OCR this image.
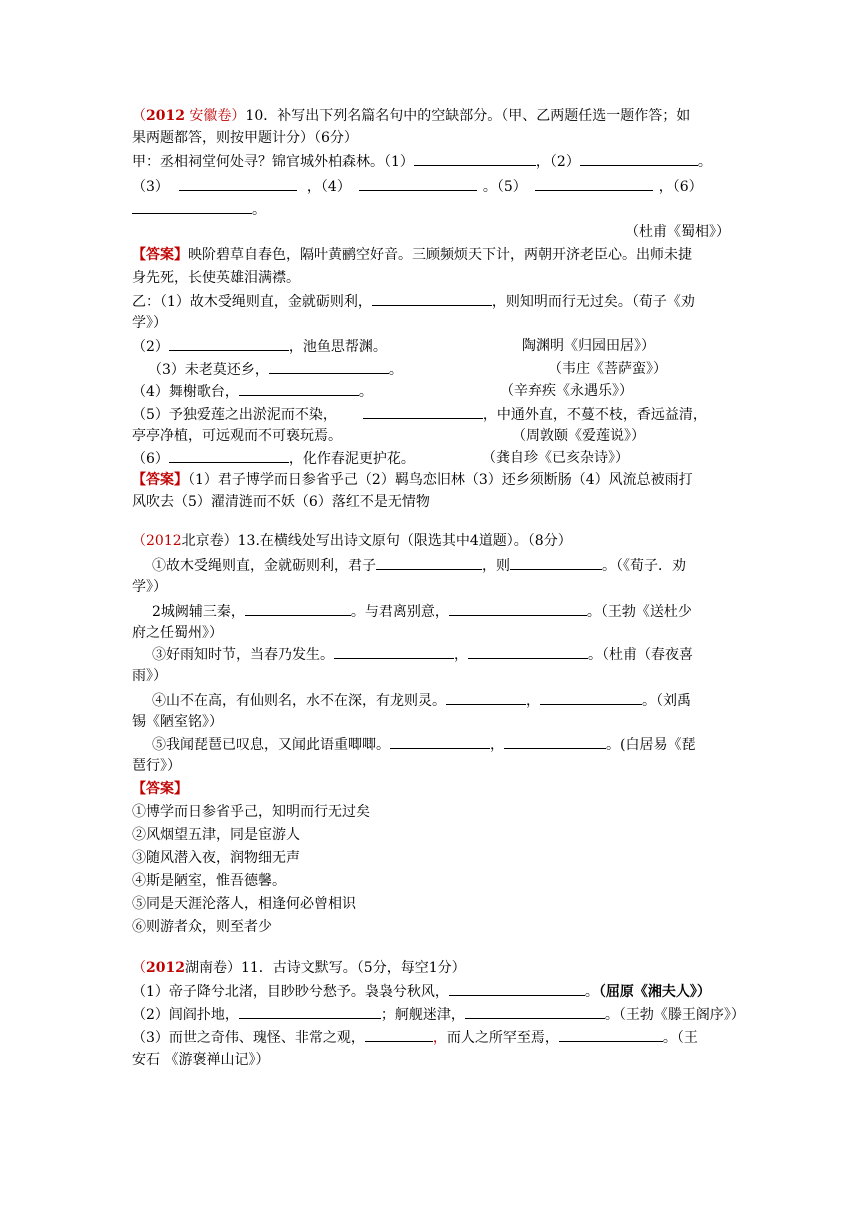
（2012 安徽卷）10．补写出下列名篇名句中的空缺部分。（甲、乙两题任选一题作答；如
果两题都答，则按甲题计分）（6分）
甲：丞相祠堂何处寻？锦官城外柏森林。（1）	，（2）	。
（3）	，（4）	。（5）	，（6）
。
（杜甫《蜀相》）
【答案】映阶碧草自春色，隔叶黄鹂空好音。三顾频烦天下计，两朝开济老臣心。出师未捷
身先死，长使英雄泪满襟。
乙：（1）故木受绳则直，金就砺则利，	，则知明而行无过矣。（荀子《劝
学》）
（2）	，池鱼思帮渊。	陶渊明《归园田居》）
（3）未老莫还乡，	。	（韦庄《菩萨蛮》）
（4）舞榭歌台，	。	（辛弃疾《永遇乐》）
（5）予独爱莲之出淤泥而不染，	，中通外直，不蔓不枝，香远益清，
亭亭净植，可远观而不可亵玩焉。	（周敦颐《爱莲说》）
（6）	，化作春泥更护花。	（龚自珍《已亥杂诗》）
【答案】（1）君子博学而日参省乎己（2）羁鸟恋旧林（3）还乡须断肠（4）风流总被雨打
风吹去（5）濯清涟而不妖（6）落红不是无情物
（2012北京卷）13.在横线处写出诗文原句（限选其中4道题）。（8分）
①故木受绳则直，金就砺则利，君子	，则	。（《荀子．劝
学》）
2城阙辅三秦，	。与君离别意，	。（王勃《送杜少
府之任蜀州》）
③好雨知时节，当春乃发生。	，	。（杜甫（春夜喜
雨》）
④山不在高，有仙则名，水不在深，有龙则灵。	，	。（刘禹
锡《陋室铭》）
⑤我闻琵琶已叹息，又闻此语重唧唧。	，	。(白居易《琵
琶行》）
【答案】
①博学而日参省乎己，知明而行无过矣
②风烟望五津，同是宦游人
③随风潜入夜，润物细无声
④斯是陋室，惟吾德馨。
⑤同是天涯沦落人，相逢何必曾相识
⑥则游者众，则至者少
（2012湖南卷）11．古诗文默写。（5分，每空1分）
（1）帝子降兮北渚，目眇眇兮愁予。袅袅兮秋风，	。（屈原《湘夫人》）
（2）闾阎扑地，	；舸舰迷津，	。（王勃《滕王阁序》）
（3）而世之奇伟、瑰怪、非常之观，	，而人之所罕至焉，	。（王
安石 《游褒禅山记》）
